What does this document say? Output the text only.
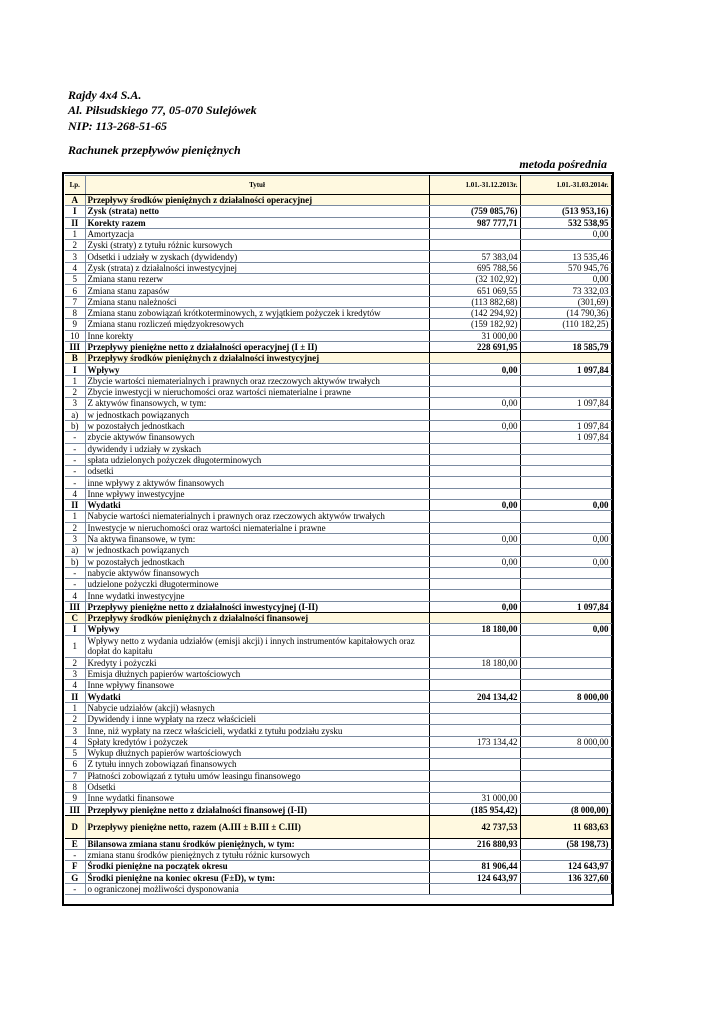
Rajdy 4x4 S.A.
Al. Piłsudskiego 77, 05-070 Sulejówek
NIP: 113-268-51-65
Rachunek przepływów pieniężnych
metoda pośrednia
Lp.	Tytuł	1.01.-31.12.2013r.	1.01.-31.03.2014r.
A	Przepływy środków pieniężnych z działalności operacyjnej		
I	Zysk (strata) netto	(759 085,76)	(513 953,16)
II	Korekty razem	987 777,71	532 538,95
1	Amortyzacja		0,00
2	Zyski (straty) z tytułu różnic kursowych		
3	Odsetki i udziały w zyskach (dywidendy)	57 383,04	13 535,46
4	Zysk (strata) z działalności inwestycyjnej	695 788,56	570 945,76
5	Zmiana stanu rezerw	(32 102,92)	0,00
6	Zmiana stanu zapasów	651 069,55	73 332,03
7	Zmiana stanu należności	(113 882,68)	(301,69)
8	Zmiana stanu zobowiązań krótkoterminowych, z wyjątkiem pożyczek i kredytów	(142 294,92)	(14 790,36)
9	Zmiana stanu rozliczeń międzyokresowych	(159 182,92)	(110 182,25)
10	Inne korekty	31 000,00	
III	Przepływy pieniężne netto z działalności operacyjnej (I ± II)	228 691,95	18 585,79
B	Przepływy środków pieniężnych z działalności inwestycyjnej		
I	Wpływy	0,00	1 097,84
1	Zbycie wartości niematerialnych i prawnych oraz rzeczowych aktywów trwałych		
2	Zbycie inwestycji w nieruchomości oraz wartości niematerialne i prawne		
3	Z aktywów finansowych, w tym:	0,00	1 097,84
a)	w jednostkach powiązanych		
b)	w pozostałych jednostkach	0,00	1 097,84
-	zbycie aktywów finansowych		1 097,84
-	dywidendy i udziały w zyskach		
-	spłata udzielonych pożyczek długoterminowych		
-	odsetki		
-	inne wpływy z aktywów finansowych		
4	Inne wpływy inwestycyjne		
II	Wydatki	0,00	0,00
1	Nabycie wartości niematerialnych i prawnych oraz rzeczowych aktywów trwałych		
2	Inwestycje w nieruchomości oraz wartości niematerialne i prawne		
3	Na aktywa finansowe, w tym:	0,00	0,00
a)	w jednostkach powiązanych		
b)	w pozostałych jednostkach	0,00	0,00
-	nabycie aktywów finansowych		
-	udzielone pożyczki długoterminowe		
4	Inne wydatki inwestycyjne		
III	Przepływy pieniężne netto z działalności inwestycyjnej (I-II)	0,00	1 097,84
C	Przepływy środków pieniężnych z działalności finansowej		
I	Wpływy	18 180,00	0,00
1	Wpływy netto z wydania udziałów (emisji akcji) i innych instrumentów kapitałowych oraz dopłat do kapitału		
2	Kredyty i pożyczki	18 180,00	
3	Emisja dłużnych papierów wartościowych		
4	Inne wpływy finansowe		
II	Wydatki	204 134,42	8 000,00
1	Nabycie udziałów (akcji) własnych		
2	Dywidendy i inne wypłaty na rzecz właścicieli		
3	Inne, niż wypłaty na rzecz właścicieli, wydatki z tytułu podziału zysku		
4	Spłaty kredytów i pożyczek	173 134,42	8 000,00
5	Wykup dłużnych papierów wartościowych		
6	Z tytułu innych zobowiązań finansowych		
7	Płatności zobowiązań z tytułu umów leasingu finansowego		
8	Odsetki		
9	Inne wydatki finansowe	31 000,00	
III	Przepływy pieniężne netto z działalności finansowej (I-II)	(185 954,42)	(8 000,00)
D	Przepływy pieniężne netto, razem (A.III ± B.III ± C.III)	42 737,53	11 683,63
E	Bilansowa zmiana stanu środków pieniężnych, w tym:	216 880,93	(58 198,73)
-	zmiana stanu środków pieniężnych z tytułu różnic kursowych		
F	Środki pieniężne na początek okresu	81 906,44	124 643,97
G	Środki pieniężne na koniec okresu (F±D), w tym:	124 643,97	136 327,60
-	o ograniczonej możliwości dysponowania		
